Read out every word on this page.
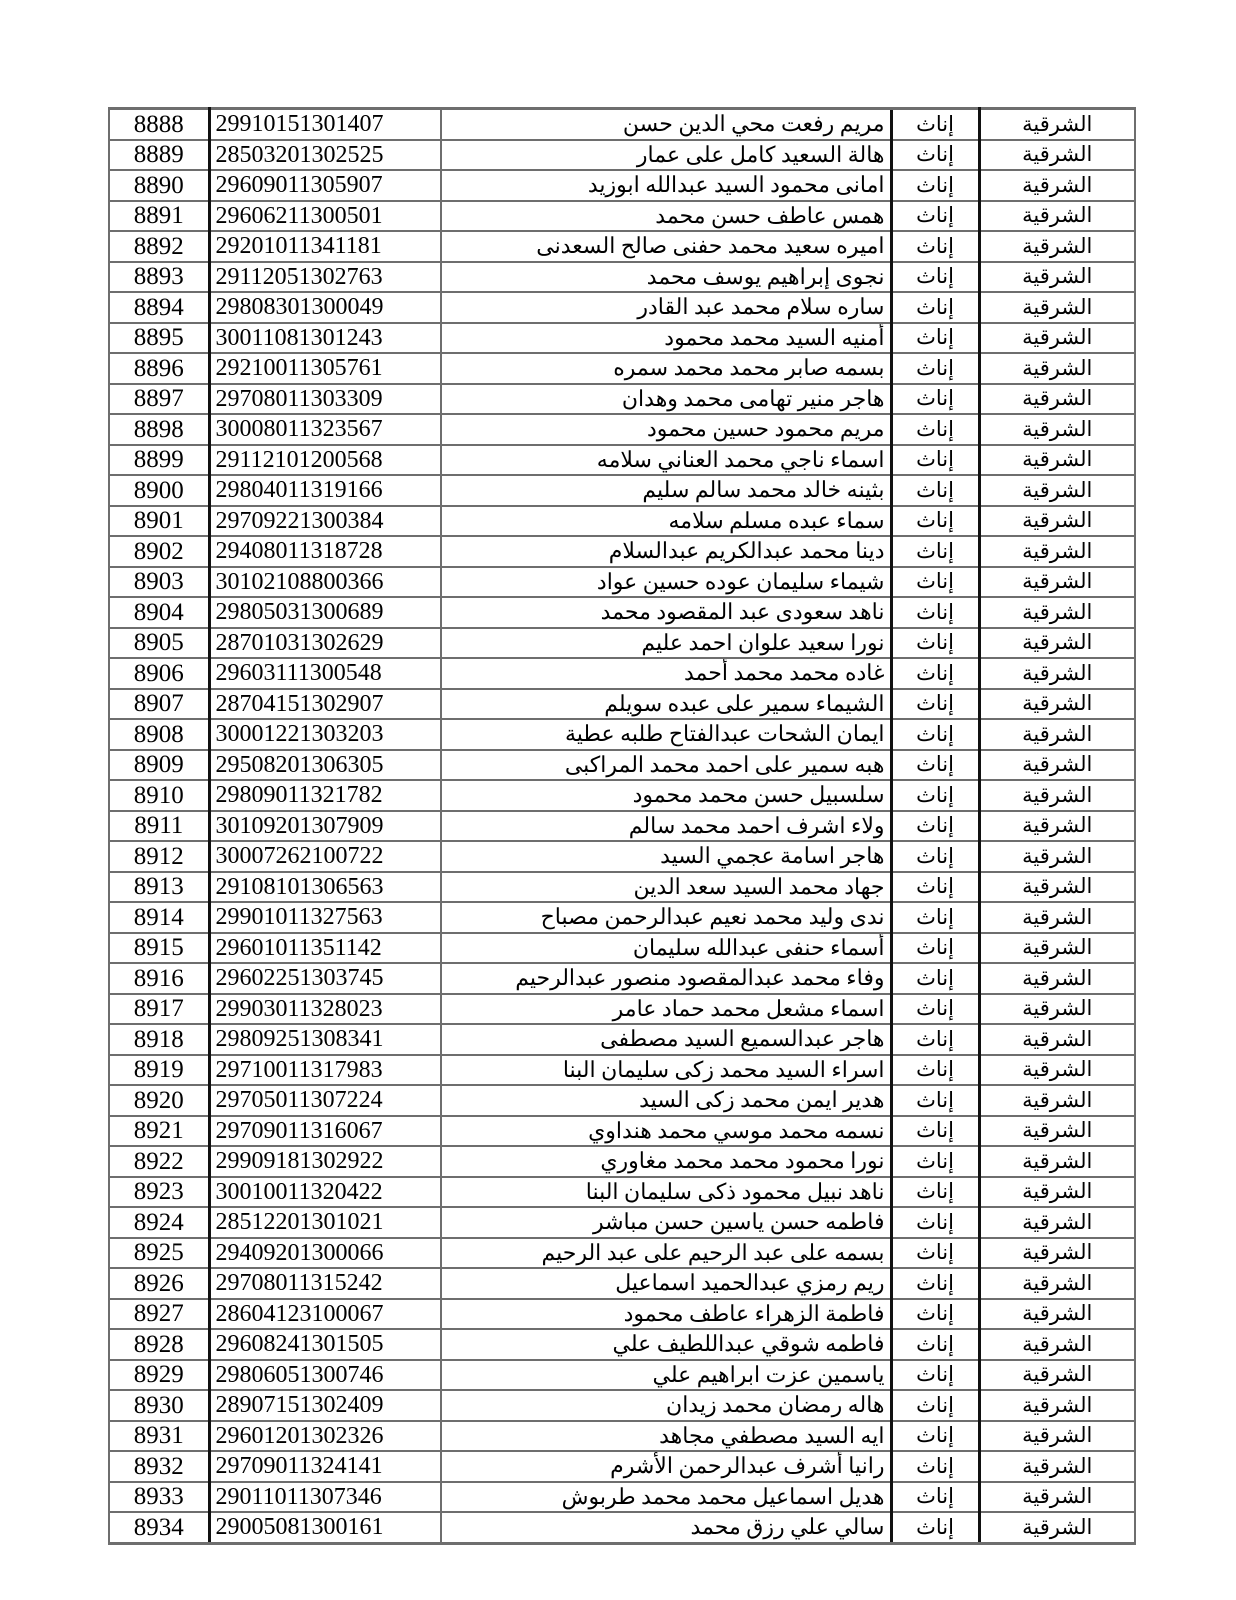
الشرقية	إناث	مريم رفعت محي الدين حسن	29910151301407	8888
الشرقية	إناث	هالة السعيد كامل على عمار	28503201302525	8889
الشرقية	إناث	امانى محمود السيد عبدالله ابوزيد	29609011305907	8890
الشرقية	إناث	همس عاطف حسن محمد	29606211300501	8891
الشرقية	إناث	اميره سعيد محمد حفنى صالح السعدنى	29201011341181	8892
الشرقية	إناث	نجوى إبراهيم يوسف محمد	29112051302763	8893
الشرقية	إناث	ساره سلام محمد عبد القادر	29808301300049	8894
الشرقية	إناث	أمنيه السيد محمد محمود	30011081301243	8895
الشرقية	إناث	بسمه صابر محمد محمد سمره	29210011305761	8896
الشرقية	إناث	هاجر منير تهامى محمد وهدان	29708011303309	8897
الشرقية	إناث	مريم محمود حسين محمود	30008011323567	8898
الشرقية	إناث	اسماء ناجي محمد العناني سلامه	29112101200568	8899
الشرقية	إناث	بثينه خالد محمد سالم سليم	29804011319166	8900
الشرقية	إناث	سماء عبده مسلم سلامه	29709221300384	8901
الشرقية	إناث	دينا محمد عبدالكريم عبدالسلام	29408011318728	8902
الشرقية	إناث	شيماء سليمان عوده حسين عواد	30102108800366	8903
الشرقية	إناث	ناهد سعودى عبد المقصود محمد	29805031300689	8904
الشرقية	إناث	نورا سعيد علوان احمد عليم	28701031302629	8905
الشرقية	إناث	غاده محمد محمد أحمد	29603111300548	8906
الشرقية	إناث	الشيماء سمير على عبده سويلم	28704151302907	8907
الشرقية	إناث	ايمان الشحات عبدالفتاح طلبه عطية	30001221303203	8908
الشرقية	إناث	هبه سمير على احمد محمد المراكبى	29508201306305	8909
الشرقية	إناث	سلسبيل حسن محمد محمود	29809011321782	8910
الشرقية	إناث	ولاء اشرف احمد محمد سالم	30109201307909	8911
الشرقية	إناث	هاجر اسامة عجمي السيد	30007262100722	8912
الشرقية	إناث	جهاد محمد السيد سعد الدين	29108101306563	8913
الشرقية	إناث	ندى وليد محمد نعيم عبدالرحمن مصباح	29901011327563	8914
الشرقية	إناث	أسماء حنفى عبدالله سليمان	29601011351142	8915
الشرقية	إناث	وفاء محمد عبدالمقصود منصور عبدالرحيم	29602251303745	8916
الشرقية	إناث	اسماء مشعل محمد حماد عامر	29903011328023	8917
الشرقية	إناث	هاجر عبدالسميع السيد مصطفى	29809251308341	8918
الشرقية	إناث	اسراء السيد محمد زكى سليمان البنا	29710011317983	8919
الشرقية	إناث	هدير ايمن محمد زكى السيد	29705011307224	8920
الشرقية	إناث	نسمه محمد موسي محمد هنداوي	29709011316067	8921
الشرقية	إناث	نورا محمود محمد محمد مغاوري	29909181302922	8922
الشرقية	إناث	ناهد نبيل محمود ذكى سليمان البنا	30010011320422	8923
الشرقية	إناث	فاطمه حسن ياسين حسن مباشر	28512201301021	8924
الشرقية	إناث	بسمه على عبد الرحيم على عبد الرحيم	29409201300066	8925
الشرقية	إناث	ريم رمزي عبدالحميد اسماعيل	29708011315242	8926
الشرقية	إناث	فاطمة الزهراء عاطف محمود	28604123100067	8927
الشرقية	إناث	فاطمه شوقي عبداللطيف علي	29608241301505	8928
الشرقية	إناث	ياسمين عزت ابراهيم علي	29806051300746	8929
الشرقية	إناث	هاله رمضان محمد زيدان	28907151302409	8930
الشرقية	إناث	ايه السيد مصطفي مجاهد	29601201302326	8931
الشرقية	إناث	رانيا أشرف عبدالرحمن الأشرم	29709011324141	8932
الشرقية	إناث	هديل اسماعيل محمد محمد طربوش	29011011307346	8933
الشرقية	إناث	سالي علي رزق محمد	29005081300161	8934
